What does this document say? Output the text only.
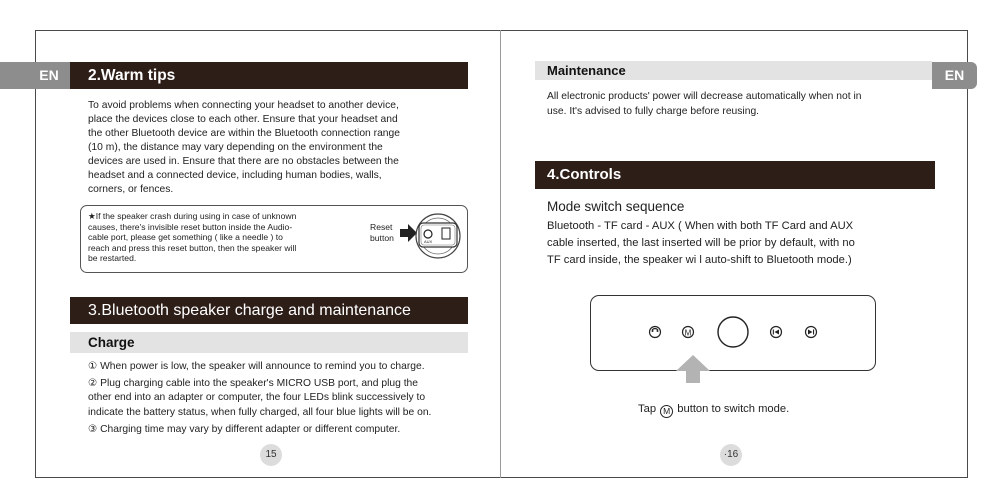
EN	EN
2.Warm tips
To avoid problems when connecting your headset to another device,
place the devices close to each other. Ensure that your headset and
the other Bluetooth device are within the Bluetooth connection range
(10 m), the distance may vary depending on the environment the
devices are used in. Ensure that there are no obstacles between the
headset and a connected device, including human bodies, walls,
corners, or fences.
★If the speaker crash during using in case of unknown
causes, there's invisible reset button inside the Audio-
cable port, please get something ( like a needle ) to
reach and press this reset button, then the speaker will
be restarted.
Reset
button	AUX
3.Bluetooth speaker charge and maintenance
Charge
① When power is low, the speaker will announce to remind you to charge.
② Plug charging cable into the speaker's MICRO USB port, and plug the
other end into an adapter or computer, the four LEDs blink successively to
indicate the battery status, when fully charged, all four blue lights will be on.
③ Charging time may vary by different adapter or different computer.
15
Maintenance
All electronic products' power will decrease automatically when not in
use. It's advised to fully charge before reusing.
4.Controls
Mode switch sequence
Bluetooth - TF card - AUX ( When with both TF Card and AUX
cable inserted, the last inserted will be prior by default, with no
TF card inside, the speaker wi l auto-shift to Bluetooth mode.)
M
Tap M button to switch mode.
·16
